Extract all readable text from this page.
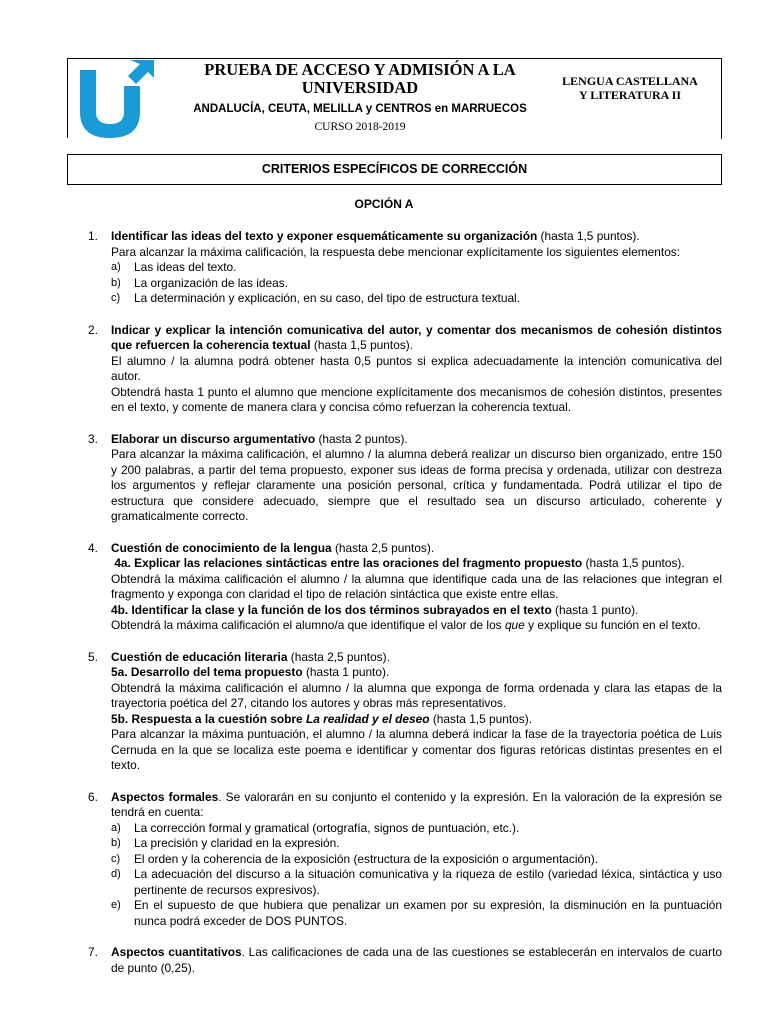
PRUEBA DE ACCESO Y ADMISIÓN A LA
UNIVERSIDAD
ANDALUCÍA, CEUTA, MELILLA y CENTROS en MARRUECOS
CURSO 2018-2019
LENGUA CASTELLANA
Y LITERATURA II
CRITERIOS ESPECÍFICOS DE CORRECCIÓN
OPCIÓN A
1. Identificar las ideas del texto y exponer esquemáticamente su organización (hasta 1,5 puntos).
Para alcanzar la máxima calificación, la respuesta debe mencionar explícitamente los siguientes elementos:
a) Las ideas del texto.
b) La organización de las ideas.
c) La determinación y explicación, en su caso, del tipo de estructura textual.
2. Indicar y explicar la intención comunicativa del autor, y comentar dos mecanismos de cohesión distintos que refuercen la coherencia textual (hasta 1,5 puntos).
El alumno / la alumna podrá obtener hasta 0,5 puntos si explica adecuadamente la intención comunicativa del autor.
Obtendrá hasta 1 punto el alumno que mencione explícitamente dos mecanismos de cohesión distintos, presentes en el texto, y comente de manera clara y concisa cómo refuerzan la coherencia textual.
3. Elaborar un discurso argumentativo (hasta 2 puntos).
Para alcanzar la máxima calificación, el alumno / la alumna deberá realizar un discurso bien organizado, entre 150 y 200 palabras, a partir del tema propuesto, exponer sus ideas de forma precisa y ordenada, utilizar con destreza los argumentos y reflejar claramente una posición personal, crítica y fundamentada. Podrá utilizar el tipo de estructura que considere adecuado, siempre que el resultado sea un discurso articulado, coherente y gramaticalmente correcto.
4. Cuestión de conocimiento de la lengua (hasta 2,5 puntos).
4a. Explicar las relaciones sintácticas entre las oraciones del fragmento propuesto (hasta 1,5 puntos).
Obtendrá la máxima calificación el alumno / la alumna que identifique cada una de las relaciones que integran el fragmento y exponga con claridad el tipo de relación sintáctica que existe entre ellas.
4b. Identificar la clase y la función de los dos términos subrayados en el texto (hasta 1 punto).
Obtendrá la máxima calificación el alumno/a que identifique el valor de los que y explique su función en el texto.
5. Cuestión de educación literaria (hasta 2,5 puntos).
5a. Desarrollo del tema propuesto (hasta 1 punto).
Obtendrá la máxima calificación el alumno / la alumna que exponga de forma ordenada y clara las etapas de la trayectoria poética del 27, citando los autores y obras más representativos.
5b. Respuesta a la cuestión sobre La realidad y el deseo (hasta 1,5 puntos).
Para alcanzar la máxima puntuación, el alumno / la alumna deberá indicar la fase de la trayectoria poética de Luis Cernuda en la que se localiza este poema e identificar y comentar dos figuras retóricas distintas presentes en el texto.
6. Aspectos formales. Se valorarán en su conjunto el contenido y la expresión. En la valoración de la expresión se tendrá en cuenta:
a) La corrección formal y gramatical (ortografía, signos de puntuación, etc.).
b) La precisión y claridad en la expresión.
c) El orden y la coherencia de la exposición (estructura de la exposición o argumentación).
d) La adecuación del discurso a la situación comunicativa y la riqueza de estilo (variedad léxica, sintáctica y uso pertinente de recursos expresivos).
e) En el supuesto de que hubiera que penalizar un examen por su expresión, la disminución en la puntuación nunca podrá exceder de DOS PUNTOS.
7. Aspectos cuantitativos. Las calificaciones de cada una de las cuestiones se establecerán en intervalos de cuarto de punto (0,25).
